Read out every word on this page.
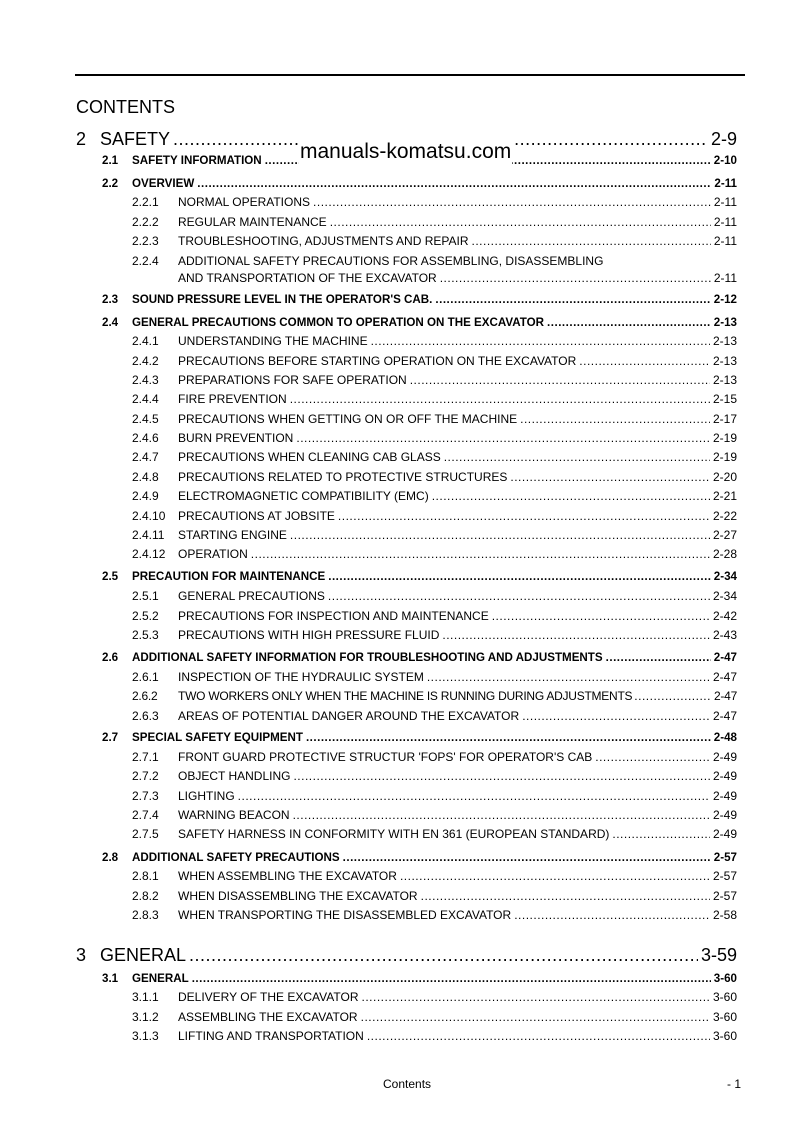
CONTENTS
manuals-komatsu.com
2 SAFETY .....	2-9
2.1	SAFETY INFORMATION .....	2-10
2.2	OVERVIEW .....	2-11
2.2.1	NORMAL OPERATIONS .....	2-11
2.2.2	REGULAR MAINTENANCE .....	2-11
2.2.3	TROUBLESHOOTING, ADJUSTMENTS AND REPAIR .....	2-11
2.2.4	ADDITIONAL SAFETY PRECAUTIONS FOR ASSEMBLING, DISASSEMBLING
AND TRANSPORTATION OF THE EXCAVATOR .....	2-11
2.3	SOUND PRESSURE LEVEL IN THE OPERATOR'S CAB. .....	2-12
2.4	GENERAL PRECAUTIONS COMMON TO OPERATION ON THE EXCAVATOR .....	2-13
2.4.1	UNDERSTANDING THE MACHINE .....	2-13
2.4.2	PRECAUTIONS BEFORE STARTING OPERATION ON THE EXCAVATOR .....	2-13
2.4.3	PREPARATIONS FOR SAFE OPERATION .....	2-13
2.4.4	FIRE PREVENTION .....	2-15
2.4.5	PRECAUTIONS WHEN GETTING ON OR OFF THE MACHINE .....	2-17
2.4.6	BURN PREVENTION .....	2-19
2.4.7	PRECAUTIONS WHEN CLEANING CAB GLASS .....	2-19
2.4.8	PRECAUTIONS RELATED TO PROTECTIVE STRUCTURES .....	2-20
2.4.9	ELECTROMAGNETIC COMPATIBILITY (EMC) .....	2-21
2.4.10	PRECAUTIONS AT JOBSITE .....	2-22
2.4.11	STARTING ENGINE .....	2-27
2.4.12	OPERATION .....	2-28
2.5	PRECAUTION FOR MAINTENANCE .....	2-34
2.5.1	GENERAL PRECAUTIONS .....	2-34
2.5.2	PRECAUTIONS FOR INSPECTION AND MAINTENANCE .....	2-42
2.5.3	PRECAUTIONS WITH HIGH PRESSURE FLUID .....	2-43
2.6	ADDITIONAL SAFETY INFORMATION FOR TROUBLESHOOTING AND ADJUSTMENTS .....	2-47
2.6.1	INSPECTION OF THE HYDRAULIC SYSTEM .....	2-47
2.6.2	TWO WORKERS ONLY WHEN THE MACHINE IS RUNNING DURING ADJUSTMENTS .....	2-47
2.6.3	AREAS OF POTENTIAL DANGER AROUND THE EXCAVATOR .....	2-47
2.7	SPECIAL SAFETY EQUIPMENT .....	2-48
2.7.1	FRONT GUARD PROTECTIVE STRUCTUR 'FOPS' FOR OPERATOR'S CAB .....	2-49
2.7.2	OBJECT HANDLING .....	2-49
2.7.3	LIGHTING .....	2-49
2.7.4	WARNING BEACON .....	2-49
2.7.5	SAFETY HARNESS IN CONFORMITY WITH EN 361 (EUROPEAN STANDARD) .....	2-49
2.8	ADDITIONAL SAFETY PRECAUTIONS .....	2-57
2.8.1	WHEN ASSEMBLING THE EXCAVATOR .....	2-57
2.8.2	WHEN DISASSEMBLING THE EXCAVATOR .....	2-57
2.8.3	WHEN TRANSPORTING THE DISASSEMBLED EXCAVATOR .....	2-58
3 GENERAL .....	3-59
3.1	GENERAL .....	3-60
3.1.1	DELIVERY OF THE EXCAVATOR .....	3-60
3.1.2	ASSEMBLING THE EXCAVATOR .....	3-60
3.1.3	LIFTING AND TRANSPORTATION .....	3-60
Contents	- 1
